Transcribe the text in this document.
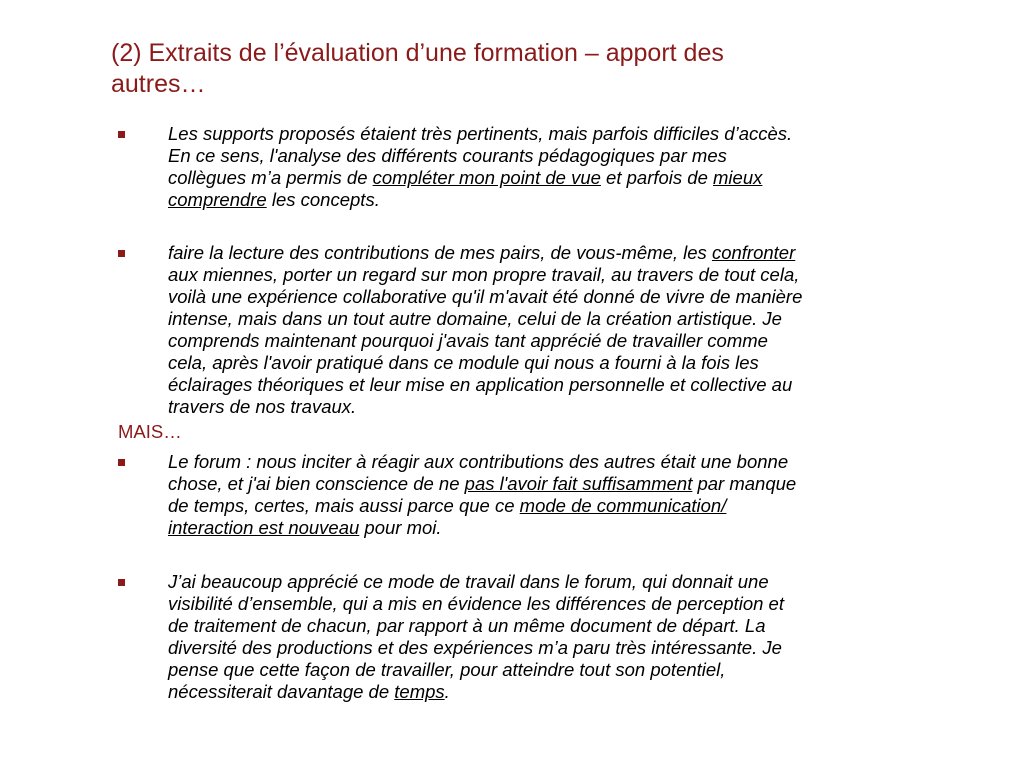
(2) Extraits de l’évaluation d’une formation – apport des
autres…
Les supports proposés étaient très pertinents, mais parfois difficiles d’accès.
En ce sens, l'analyse des différents courants pédagogiques par mes
collègues m’a permis de compléter mon point de vue et parfois de mieux
comprendre les concepts.
faire la lecture des contributions de mes pairs, de vous-même, les confronter
aux miennes, porter un regard sur mon propre travail, au travers de tout cela,
voilà une expérience collaborative qu'il m'avait été donné de vivre de manière
intense, mais dans un tout autre domaine, celui de la création artistique. Je
comprends maintenant pourquoi j'avais tant apprécié de travailler comme
cela, après l'avoir pratiqué dans ce module qui nous a fourni à la fois les
éclairages théoriques et leur mise en application personnelle et collective au
travers de nos travaux.

MAIS…

Le forum : nous inciter à réagir aux contributions des autres était une bonne
chose, et j'ai bien conscience de ne pas l'avoir fait suffisamment par manque
de temps, certes, mais aussi parce que ce mode de communication/
interaction est nouveau pour moi.
J’ai beaucoup apprécié ce mode de travail dans le forum, qui donnait une
visibilité d’ensemble, qui a mis en évidence les différences de perception et
de traitement de chacun, par rapport à un même document de départ. La
diversité des productions et des expériences m’a paru très intéressante. Je
pense que cette façon de travailler, pour atteindre tout son potentiel,
nécessiterait davantage de temps.
